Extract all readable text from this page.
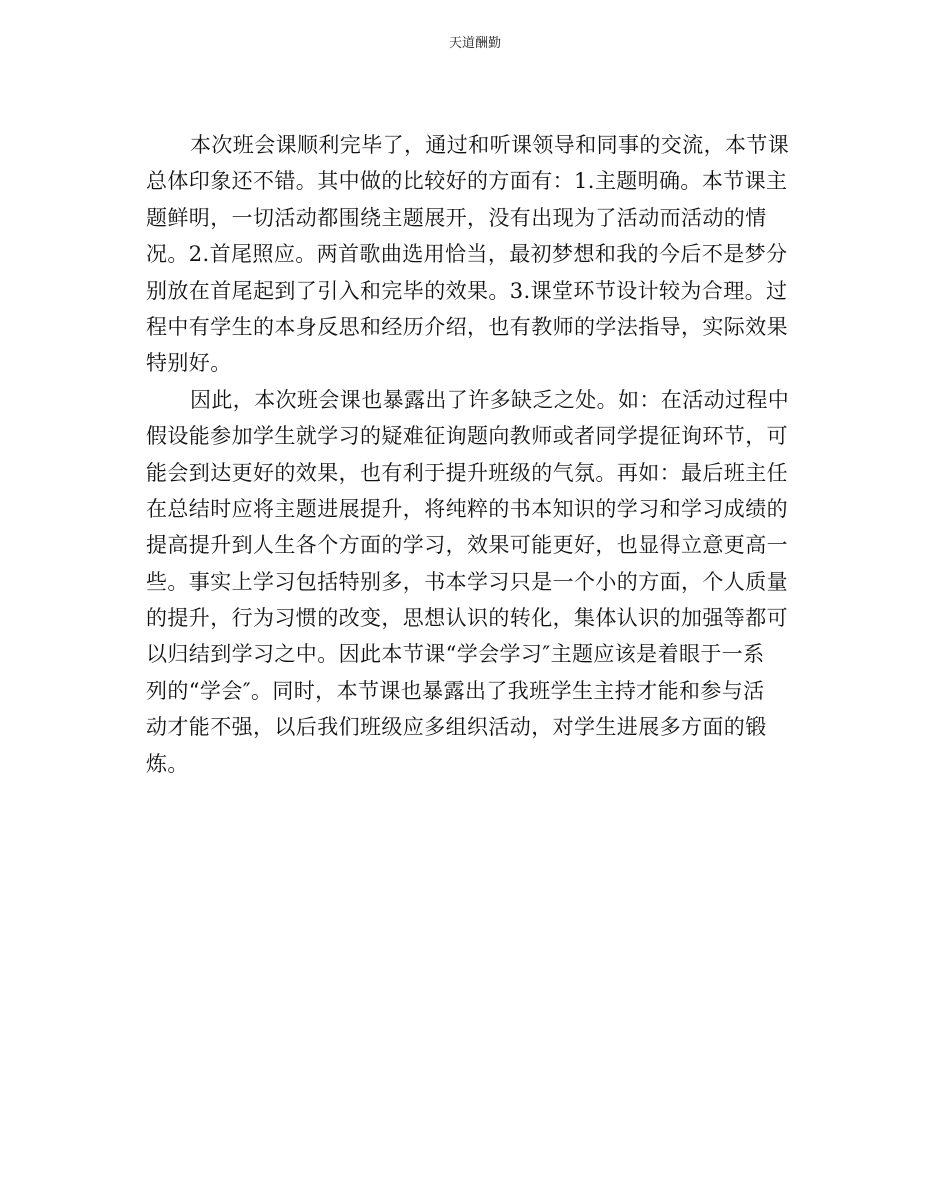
天道酬勤
本次班会课顺利完毕了，通过和听课领导和同事的交流，本节课
总体印象还不错。其中做的比较好的方面有：1.主题明确。本节课主
题鲜明，一切活动都围绕主题展开，没有出现为了活动而活动的情
况。2.首尾照应。两首歌曲选用恰当，最初梦想和我的今后不是梦分
别放在首尾起到了引入和完毕的效果。3.课堂环节设计较为合理。过
程中有学生的本身反思和经历介绍，也有教师的学法指导，实际效果
特别好。
因此，本次班会课也暴露出了许多缺乏之处。如：在活动过程中
假设能参加学生就学习的疑难征询题向教师或者同学提征询环节，可
能会到达更好的效果，也有利于提升班级的气氛。再如：最后班主任
在总结时应将主题进展提升，将纯粹的书本知识的学习和学习成绩的
提高提升到人生各个方面的学习，效果可能更好，也显得立意更高一
些。事实上学习包括特别多，书本学习只是一个小的方面，个人质量
的提升，行为习惯的改变，思想认识的转化，集体认识的加强等都可
以归结到学习之中。因此本节课“学会学习″主题应该是着眼于一系
列的“学会″。同时，本节课也暴露出了我班学生主持才能和参与活
动才能不强，以后我们班级应多组织活动，对学生进展多方面的锻
炼。
